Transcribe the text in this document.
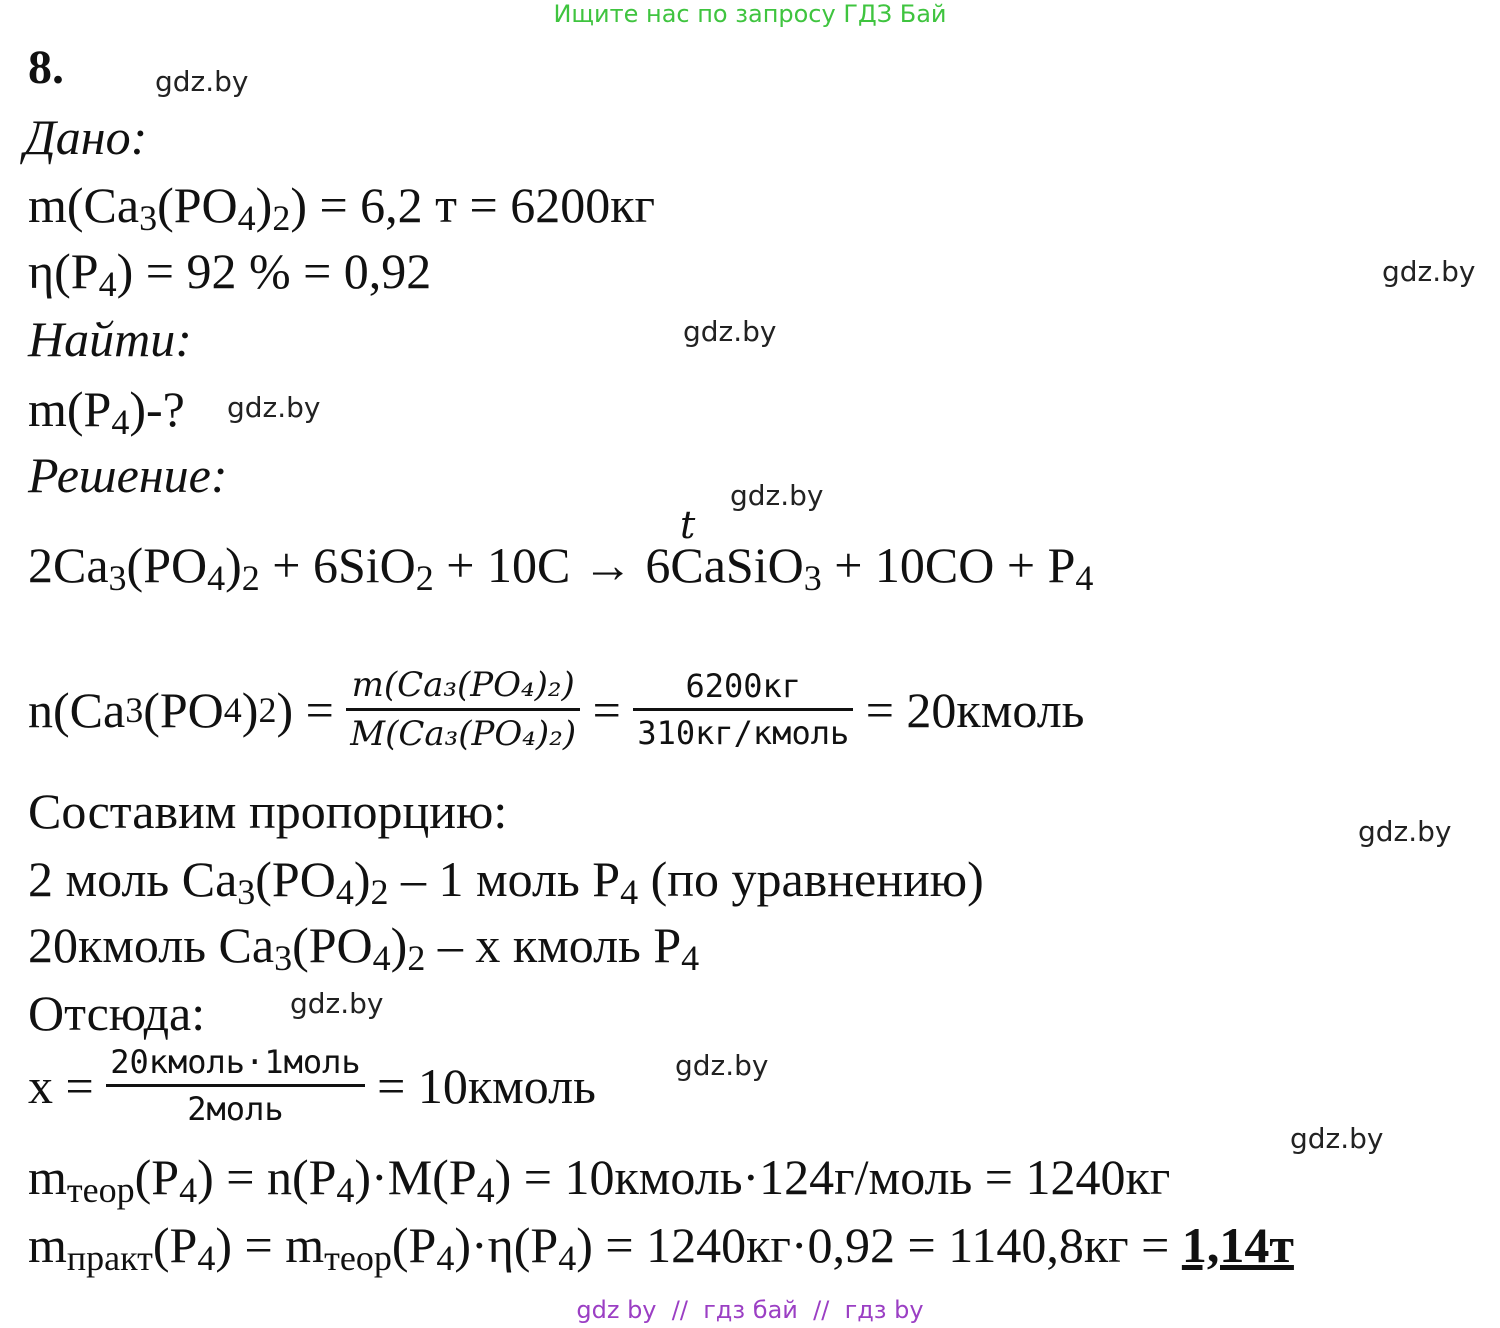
Ищите нас по запросу ГДЗ Бай
8.	gdz.by
gdz.by
gdz.by
gdz.by
gdz.by
gdz.by
gdz.by
gdz.by
gdz.by
Дано:
$m(Ca_3(PO_4)_2) = 6,2$ т = 6200кг
$\eta(P_4) = 92$ % = 0,92
Найти:
$m(P_4)-$?
Решение:
t
$2Ca_3(PO_4)_2 + 6SiO_2 + 10C$ → 6CaSiO$_3$ + $10CO + P_4$
n(Ca 3 (PO 4 ) 2 ) = $\frac{\text{m(Ca₃(PO₄)₂)}}{\text{M(Ca₃(PO₄)₂)}} = \frac{6200кг}{\text{310кг/кмоль}}$ = 20кмоль
Составим пропорцию:
2 моль $Ca_3(PO_4)_2 - 1$ моль $P_4$ (по уравнению)
20кмоль $Ca_3(PO_4)_2$ – x кмоль $P_4$
Отсюда:
$x = \frac{\text{20кмоль·1моль}}{\text{2моль}}$ = 10кмоль
$m_{теор}(P_4) = n(P_4)\cdot M(P_4)$ = 10кмоль·124г/моль = 1240кг
$m_{практ}(P_4) = m_{теор}(P_4)\cdot\eta(P_4) = 1240кг\cdot 0,92 = 1140,8кг = 1,14т$
gdz by  //  гдз бай  //  гдз by
